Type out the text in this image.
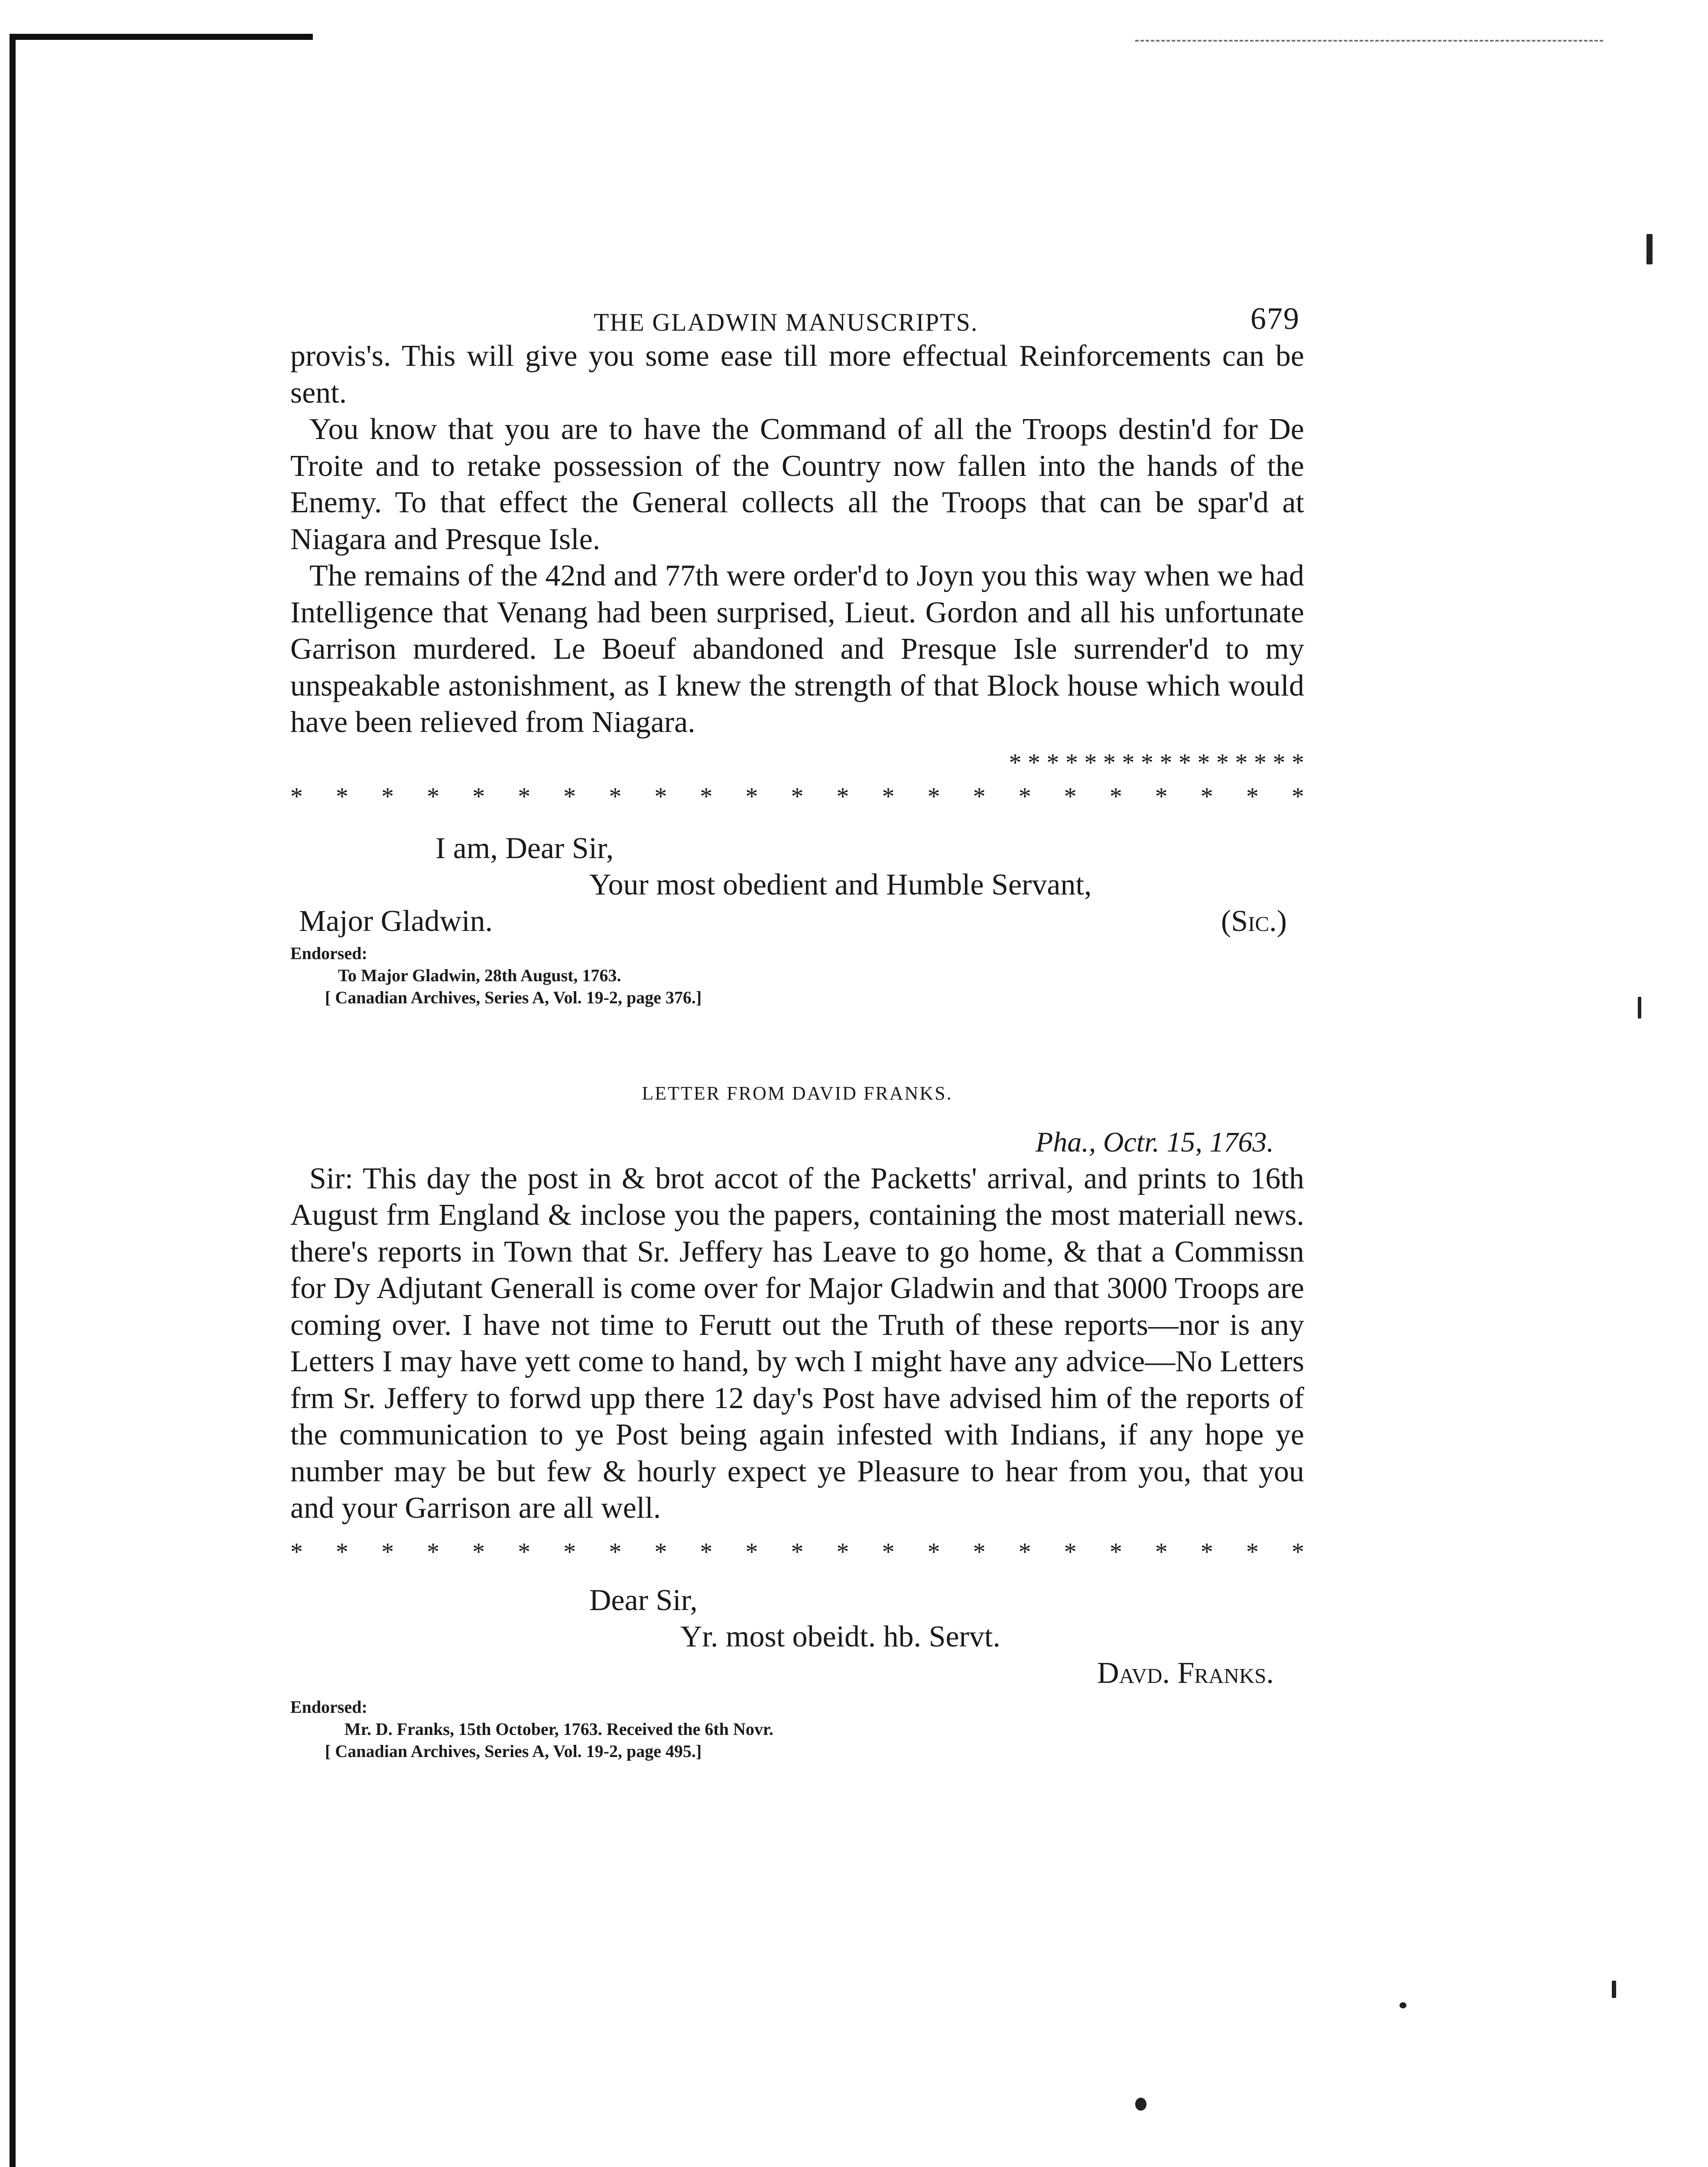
THE GLADWIN MANUSCRIPTS.	679

provis's. This will give you some ease till more effectual Reinforcements can be sent.

You know that you are to have the Command of all the Troops destin'd for De Troite and to retake possession of the Country now fallen into the hands of the Enemy. To that effect the General collects all the Troops that can be spar'd at Niagara and Presque Isle.

The remains of the 42nd and 77th were order'd to Joyn you this way when we had Intelligence that Venang had been surprised, Lieut. Gordon and all his unfortunate Garrison murdered. Le Boeuf abandoned and Presque Isle surrender'd to my unspeakable astonishment, as I knew the strength of that Block house which would have been relieved from Niagara.

* * * * * * * * * * * * * * * *
* * * * * * * * * * * * * * * * * * * * * * *
I am, Dear Sir,
Your most obedient and Humble Servant,
Major Gladwin.	(Sic.)
Endorsed:
To Major Gladwin, 28th August, 1763.
[ Canadian Archives, Series A, Vol. 19-2, page 376.]
LETTER FROM DAVID FRANKS.
Pha., Octr. 15, 1763.

Sir: This day the post in & brot accot of the Packetts' arrival, and prints to 16th August frm England & inclose you the papers, containing the most materiall news. there's reports in Town that Sr. Jeffery has Leave to go home, & that a Commissn for Dy Adjutant Generall is come over for Major Gladwin and that 3000 Troops are coming over. I have not time to Ferutt out the Truth of these reports—nor is any Letters I may have yett come to hand, by wch I might have any advice—No Letters frm Sr. Jeffery to forwd upp there 12 day's Post have advised him of the reports of the communication to ye Post being again infested with Indians, if any hope ye number may be but few & hourly expect ye Pleasure to hear from you, that you and your Garrison are all well.

* * * * * * * * * * * * * * * * * * * * * * *
Dear Sir,
Yr. most obeidt. hb. Servt.
Davd. Franks.
Endorsed:
Mr. D. Franks, 15th October, 1763. Received the 6th Novr.
[ Canadian Archives, Series A, Vol. 19-2, page 495.]
